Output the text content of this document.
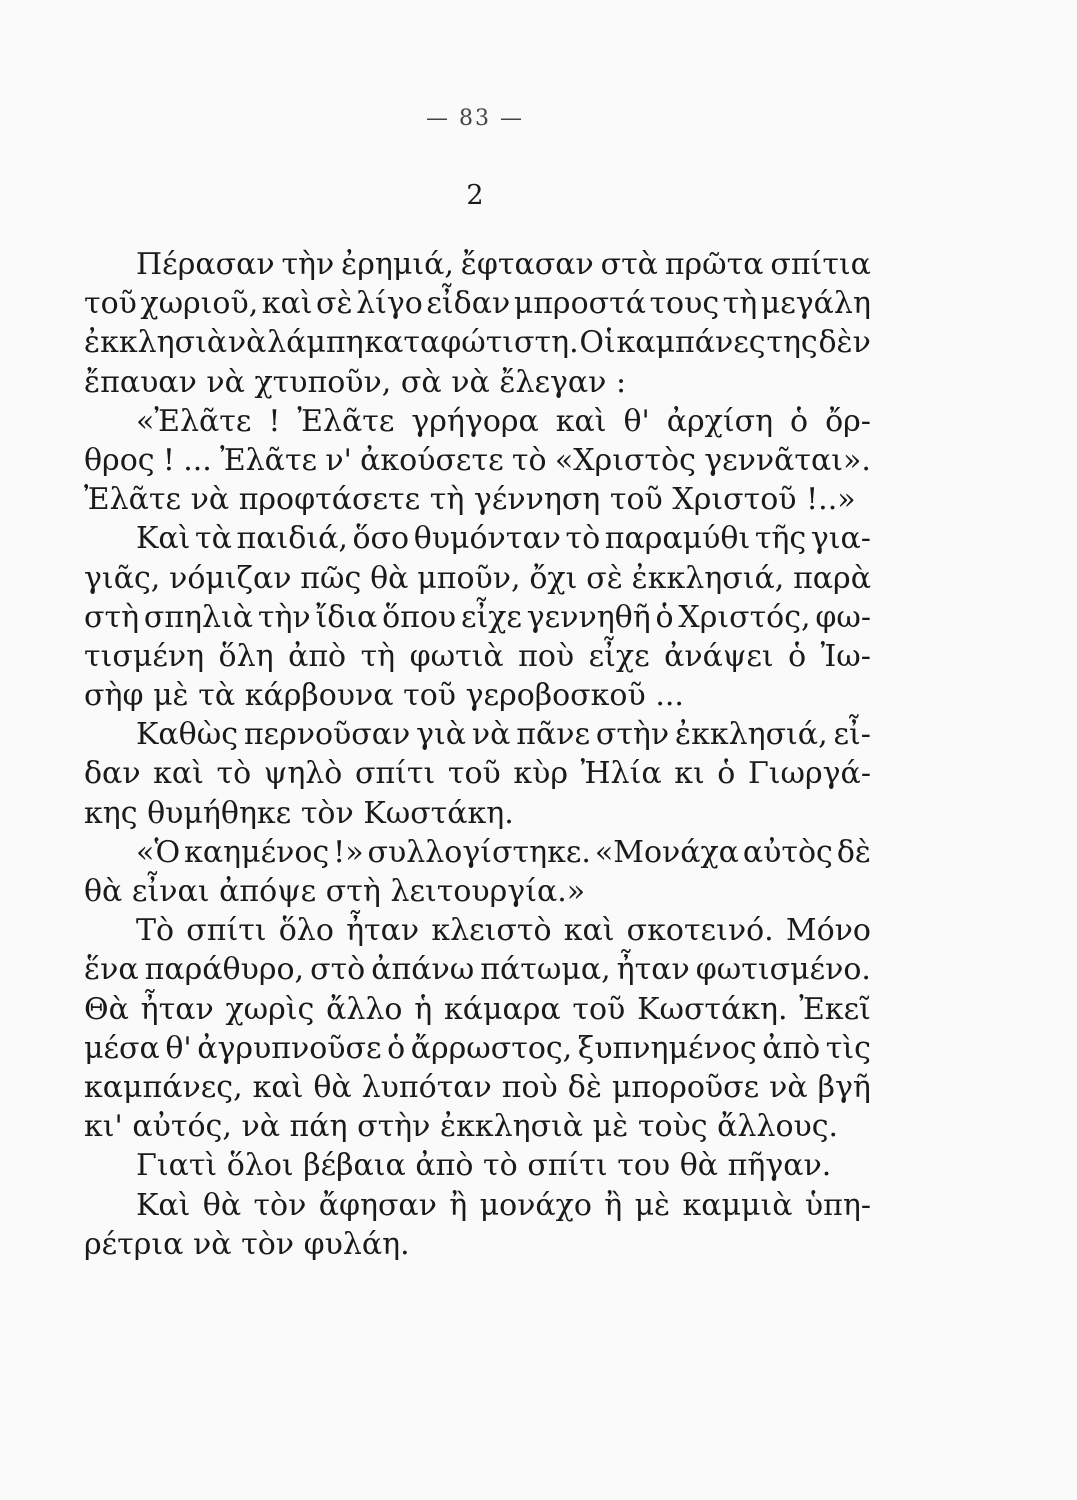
— 83 —
2
Πέρασαν τὴν ἐρημιά, ἔφτασαν στὰ πρῶτα σπίτια
τοῦ χωριοῦ, καὶ σὲ λίγο εἶδαν μπροστά τους τὴ μεγάλη
ἐκκλησιὰ νὰ λάμπη καταφώτιστη. Οἱ καμπάνες της δὲν
ἔπαυαν νὰ χτυποῦν, σὰ νὰ ἔλεγαν :
«Ἐλᾶτε ! Ἐλᾶτε γρήγορα καὶ θ' ἀρχίση ὁ ὄρ-
θρος ! ... Ἐλᾶτε ν' ἀκούσετε τὸ «Χριστὸς γεννᾶται».
Ἐλᾶτε νὰ προφτάσετε τὴ γέννηση τοῦ Χριστοῦ !..»
Καὶ τὰ παιδιά, ὅσο θυμόνταν τὸ παραμύθι τῆς για-
γιᾶς, νόμιζαν πῶς θὰ μποῦν, ὄχι σὲ ἐκκλησιά, παρὰ
στὴ σπηλιὰ τὴν ἴδια ὅπου εἶχε γεννηθῆ ὁ Χριστός, φω-
τισμένη ὅλη ἀπὸ τὴ φωτιὰ ποὺ εἶχε ἀνάψει ὁ Ἰω-
σὴφ μὲ τὰ κάρβουνα τοῦ γεροβοσκοῦ ...
Καθὼς περνοῦσαν γιὰ νὰ πᾶνε στὴν ἐκκλησιά, εἶ-
δαν καὶ τὸ ψηλὸ σπίτι τοῦ κὺρ Ἠλία κι ὁ Γιωργά-
κης θυμήθηκε τὸν Κωστάκη.
«Ὁ καημένος !» συλλογίστηκε. «Μονάχα αὐτὸς δὲ
θὰ εἶναι ἀπόψε στὴ λειτουργία.»
Τὸ σπίτι ὅλο ἦταν κλειστὸ καὶ σκοτεινό. Μόνο
ἕνα παράθυρο, στὸ ἀπάνω πάτωμα, ἦταν φωτισμένο.
Θὰ ἦταν χωρὶς ἄλλο ἡ κάμαρα τοῦ Κωστάκη. Ἐκεῖ
μέσα θ' ἀγρυπνοῦσε ὁ ἄρρωστος, ξυπνημένος ἀπὸ τὶς
καμπάνες, καὶ θὰ λυπόταν ποὺ δὲ μποροῦσε νὰ βγῆ
κι' αὐτός, νὰ πάη στὴν ἐκκλησιὰ μὲ τοὺς ἄλλους.
Γιατὶ ὅλοι βέβαια ἀπὸ τὸ σπίτι του θὰ πῆγαν.
Καὶ θὰ τὸν ἄφησαν ἢ μονάχο ἢ μὲ καμμιὰ ὑπη-
ρέτρια νὰ τὸν φυλάη.
